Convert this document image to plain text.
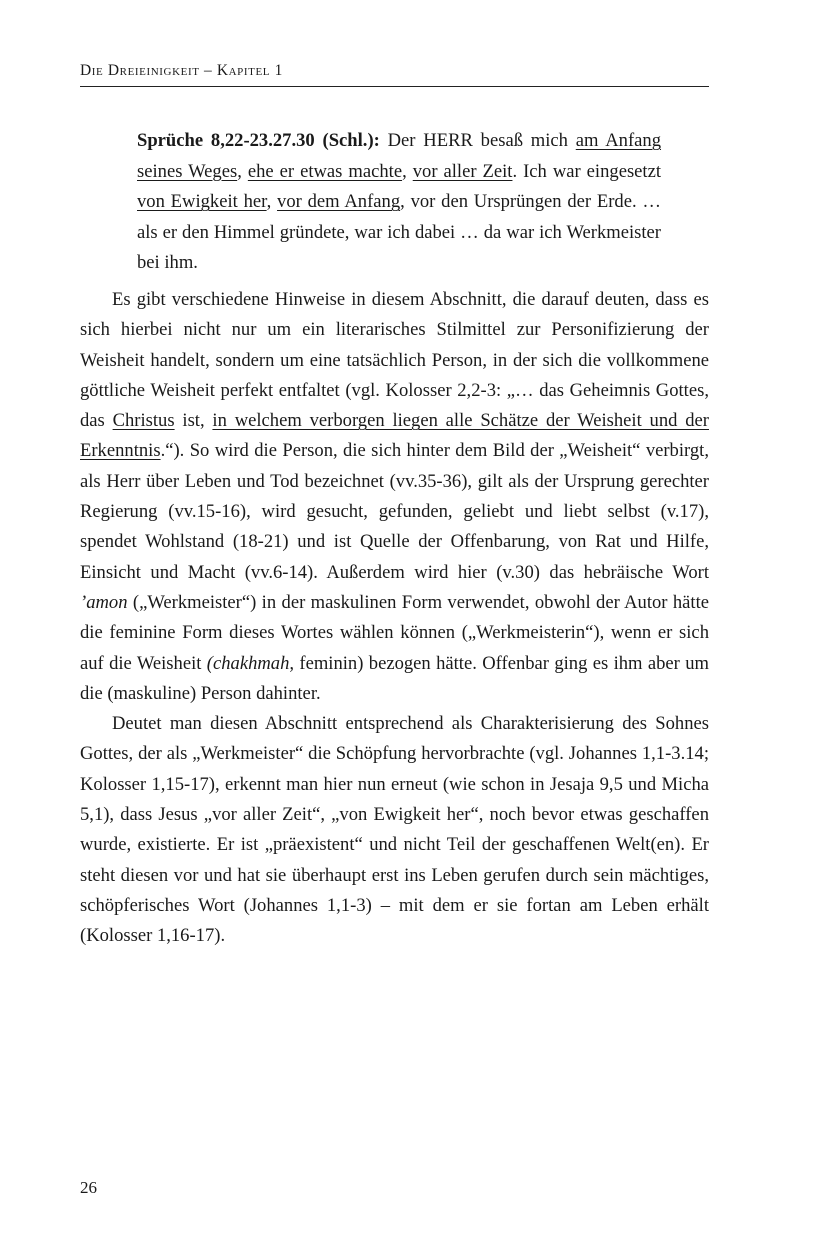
Die Dreieinigkeit – Kapitel 1

Sprüche 8,22-23.27.30 (Schl.): Der HERR besaß mich am Anfang seines Weges, ehe er etwas machte, vor aller Zeit. Ich war eingesetzt von Ewigkeit her, vor dem Anfang, vor den Ursprüngen der Erde. … als er den Himmel gründete, war ich dabei … da war ich Werkmeister bei ihm.

Es gibt verschiedene Hinweise in diesem Abschnitt, die darauf deuten, dass es sich hierbei nicht nur um ein literarisches Stilmittel zur Personifizierung der Weisheit handelt, sondern um eine tatsächlich Person, in der sich die vollkommene göttliche Weisheit perfekt entfaltet (vgl. Kolosser 2,2-3: „… das Geheimnis Gottes, das Christus ist, in welchem verborgen liegen alle Schätze der Weisheit und der Erkenntnis.“). So wird die Person, die sich hinter dem Bild der „Weisheit“ verbirgt, als Herr über Leben und Tod bezeichnet (vv.35-36), gilt als der Ursprung gerechter Regierung (vv.15-16), wird gesucht, gefunden, geliebt und liebt selbst (v.17), spendet Wohlstand (18-21) und ist Quelle der Offenbarung, von Rat und Hilfe, Einsicht und Macht (vv.6-14). Außerdem wird hier (v.30) das hebräische Wort ’amon („Werkmeister“) in der maskulinen Form verwendet, obwohl der Autor hätte die feminine Form dieses Wortes wählen können („Werkmeisterin“), wenn er sich auf die Weisheit (chakhmah, feminin) bezogen hätte. Offenbar ging es ihm aber um die (maskuline) Person dahinter.

Deutet man diesen Abschnitt entsprechend als Charakterisierung des Sohnes Gottes, der als „Werkmeister“ die Schöpfung hervorbrachte (vgl. Johannes 1,1-3.14; Kolosser 1,15-17), erkennt man hier nun erneut (wie schon in Jesaja 9,5 und Micha 5,1), dass Jesus „vor aller Zeit“, „von Ewigkeit her“, noch bevor etwas geschaffen wurde, existierte. Er ist „präexistent“ und nicht Teil der geschaffenen Welt(en). Er steht diesen vor und hat sie überhaupt erst ins Leben gerufen durch sein mächtiges, schöpferisches Wort (Johannes 1,1-3) – mit dem er sie fortan am Leben erhält (Kolosser 1,16-17).

26
